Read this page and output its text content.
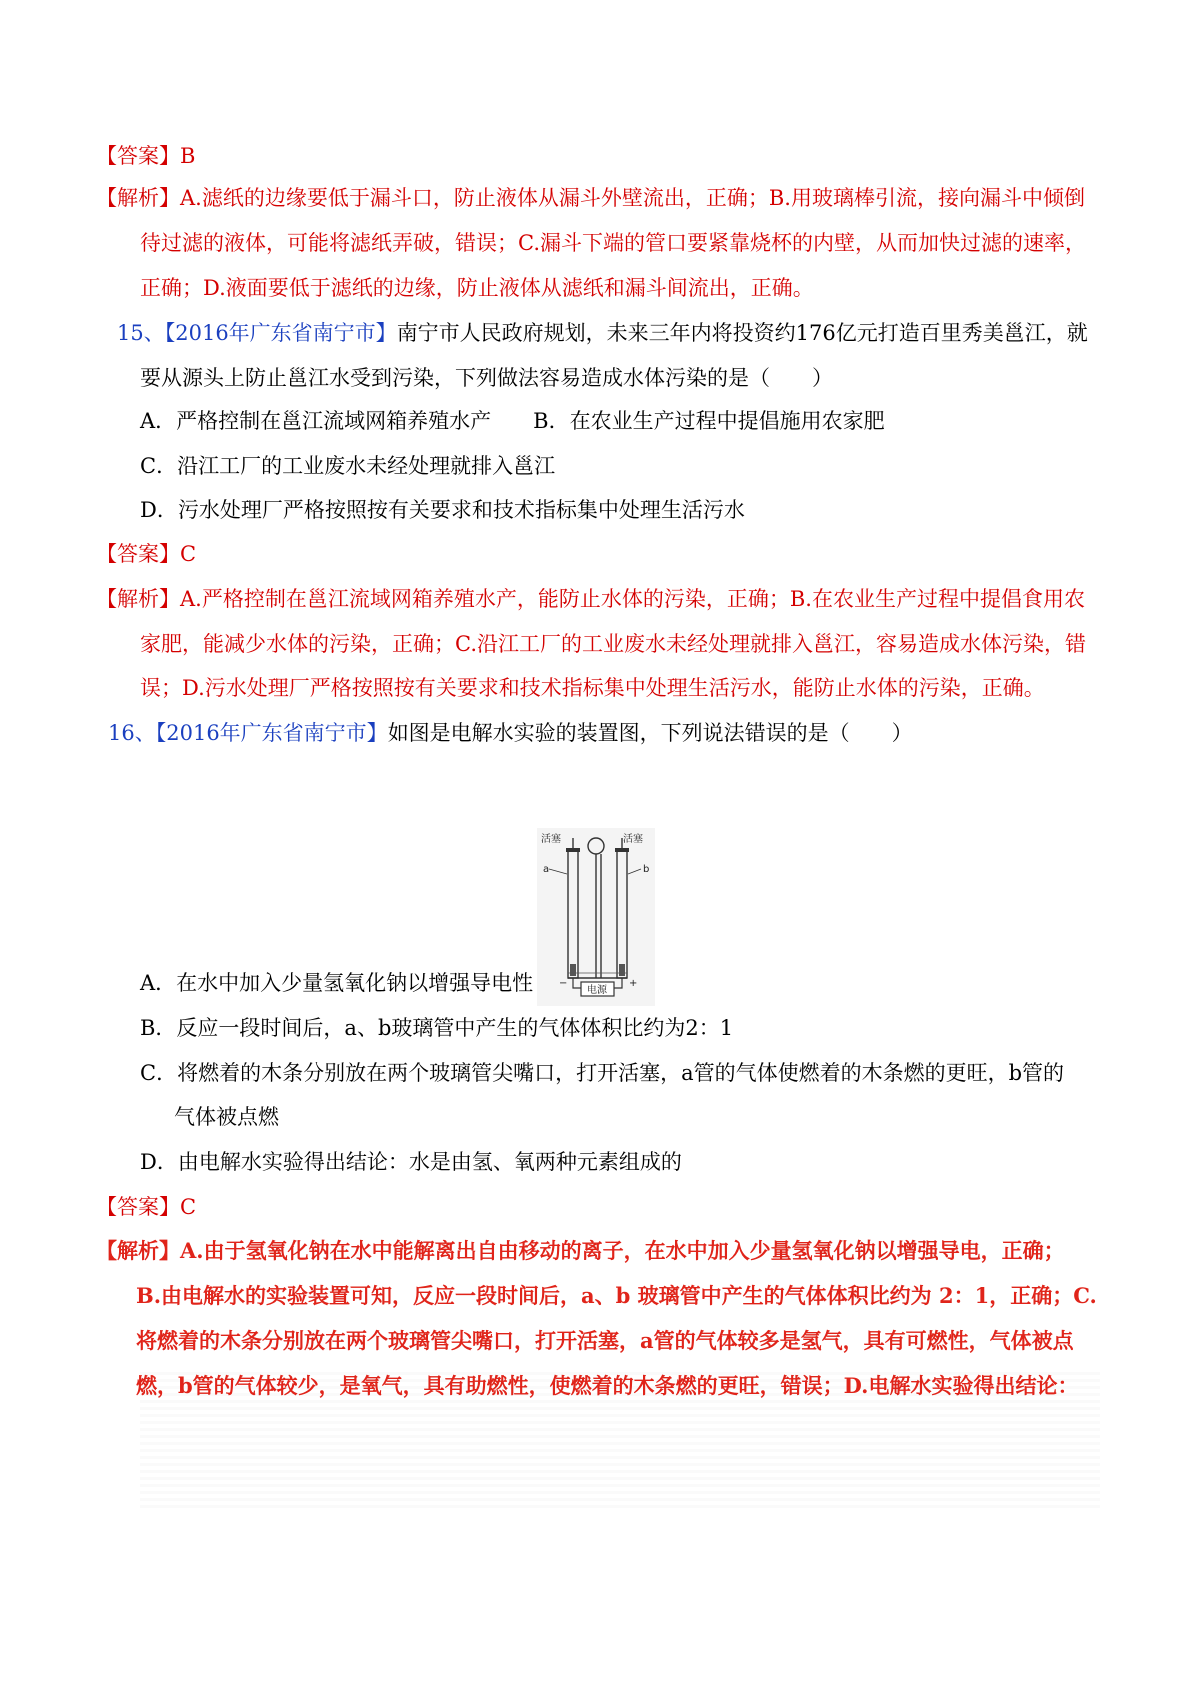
【答案】B
【解析】A.滤纸的边缘要低于漏斗口，防止液体从漏斗外壁流出，正确；B.用玻璃棒引流，接向漏斗中倾倒
待过滤的液体，可能将滤纸弄破，错误；C.漏斗下端的管口要紧靠烧杯的内壁，从而加快过滤的速率，
正确；D.液面要低于滤纸的边缘，防止液体从滤纸和漏斗间流出，正确。
15、【2016年广东省南宁市】南宁市人民政府规划，未来三年内将投资约176亿元打造百里秀美邕江，就
要从源头上防止邕江水受到污染，下列做法容易造成水体污染的是（　　）
A．严格控制在邕江流域网箱养殖水产　　B．在农业生产过程中提倡施用农家肥
C．沿江工厂的工业废水未经处理就排入邕江
D．污水处理厂严格按照按有关要求和技术指标集中处理生活污水
【答案】C
【解析】A.严格控制在邕江流域网箱养殖水产，能防止水体的污染，正确；B.在农业生产过程中提倡食用农
家肥，能减少水体的污染，正确；C.沿江工厂的工业废水未经处理就排入邕江，容易造成水体污染，错
误；D.污水处理厂严格按照按有关要求和技术指标集中处理生活污水，能防止水体的污染，正确。
16、【2016年广东省南宁市】如图是电解水实验的装置图，下列说法错误的是（　　）
活塞	活塞
a	b
−	+
电源
A．在水中加入少量氢氧化钠以增强导电性
B．反应一段时间后，a、b玻璃管中产生的气体体积比约为2：1
C．将燃着的木条分别放在两个玻璃管尖嘴口，打开活塞，a管的气体使燃着的木条燃的更旺，b管的
气体被点燃
D．由电解水实验得出结论：水是由氢、氧两种元素组成的
【答案】C
【解析】A.由于氢氧化钠在水中能解离出自由移动的离子，在水中加入少量氢氧化钠以增强导电，正确；
B.由电解水的实验装置可知，反应一段时间后，a、b 玻璃管中产生的气体体积比约为 2：1，正确；C.
将燃着的木条分别放在两个玻璃管尖嘴口，打开活塞，a管的气体较多是氢气，具有可燃性，气体被点
燃，b管的气体较少，是氧气，具有助燃性，使燃着的木条燃的更旺，错误；D.电解水实验得出结论：
